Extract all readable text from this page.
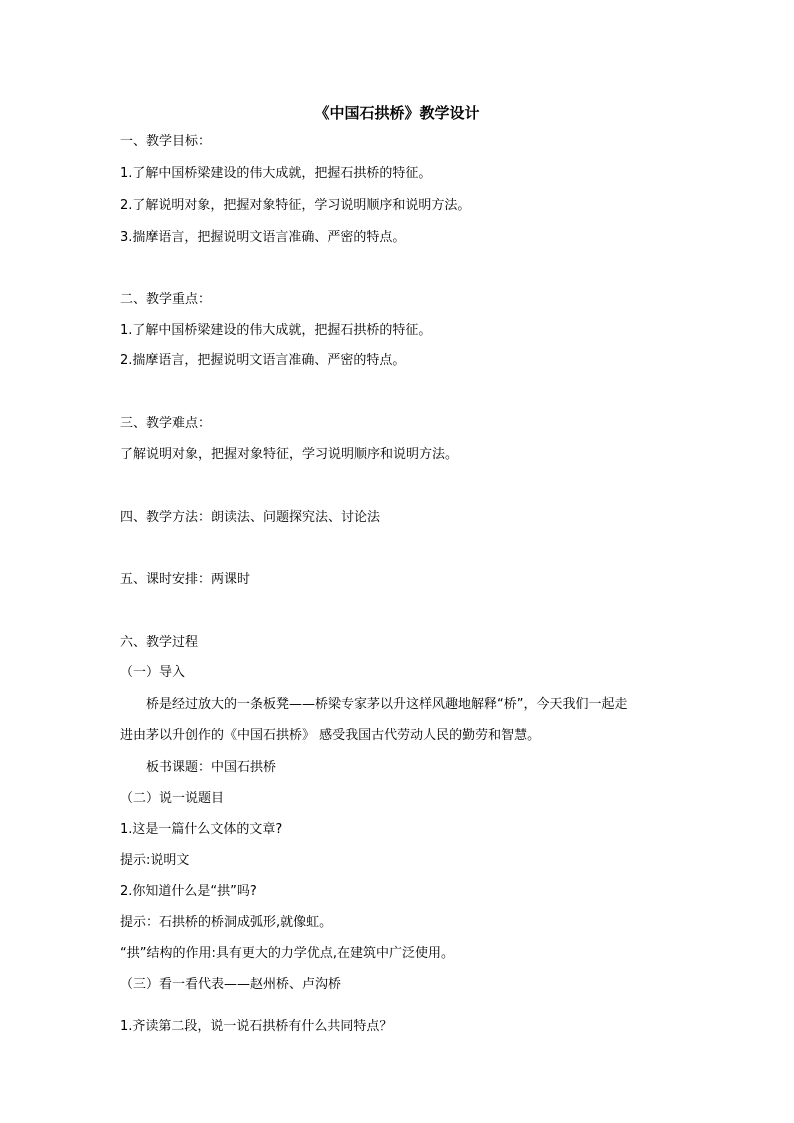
《中国石拱桥》教学设计
一、教学目标：
1.了解中国桥梁建设的伟大成就，把握石拱桥的特征。
2.了解说明对象，把握对象特征，学习说明顺序和说明方法。
3.揣摩语言，把握说明文语言准确、严密的特点。
二、教学重点：
1.了解中国桥梁建设的伟大成就，把握石拱桥的特征。
2.揣摩语言，把握说明文语言准确、严密的特点。
三、教学难点：
了解说明对象，把握对象特征，学习说明顺序和说明方法。
四、教学方法：朗读法、问题探究法、讨论法
五、课时安排：两课时
六、教学过程
（一）导入
桥是经过放大的一条板凳——桥梁专家茅以升这样风趣地解释“桥”，今天我们一起走
进由茅以升创作的《中国石拱桥》 感受我国古代劳动人民的勤劳和智慧。
板书课题：中国石拱桥
（二）说一说题目
1.这是一篇什么文体的文章?
提示:说明文
2.你知道什么是“拱”吗?
提示：石拱桥的桥洞成弧形,就像虹。
“拱”结构的作用:具有更大的力学优点,在建筑中广泛使用。
（三）看一看代表——赵州桥、卢沟桥
1.齐读第二段，说一说石拱桥有什么共同特点？
